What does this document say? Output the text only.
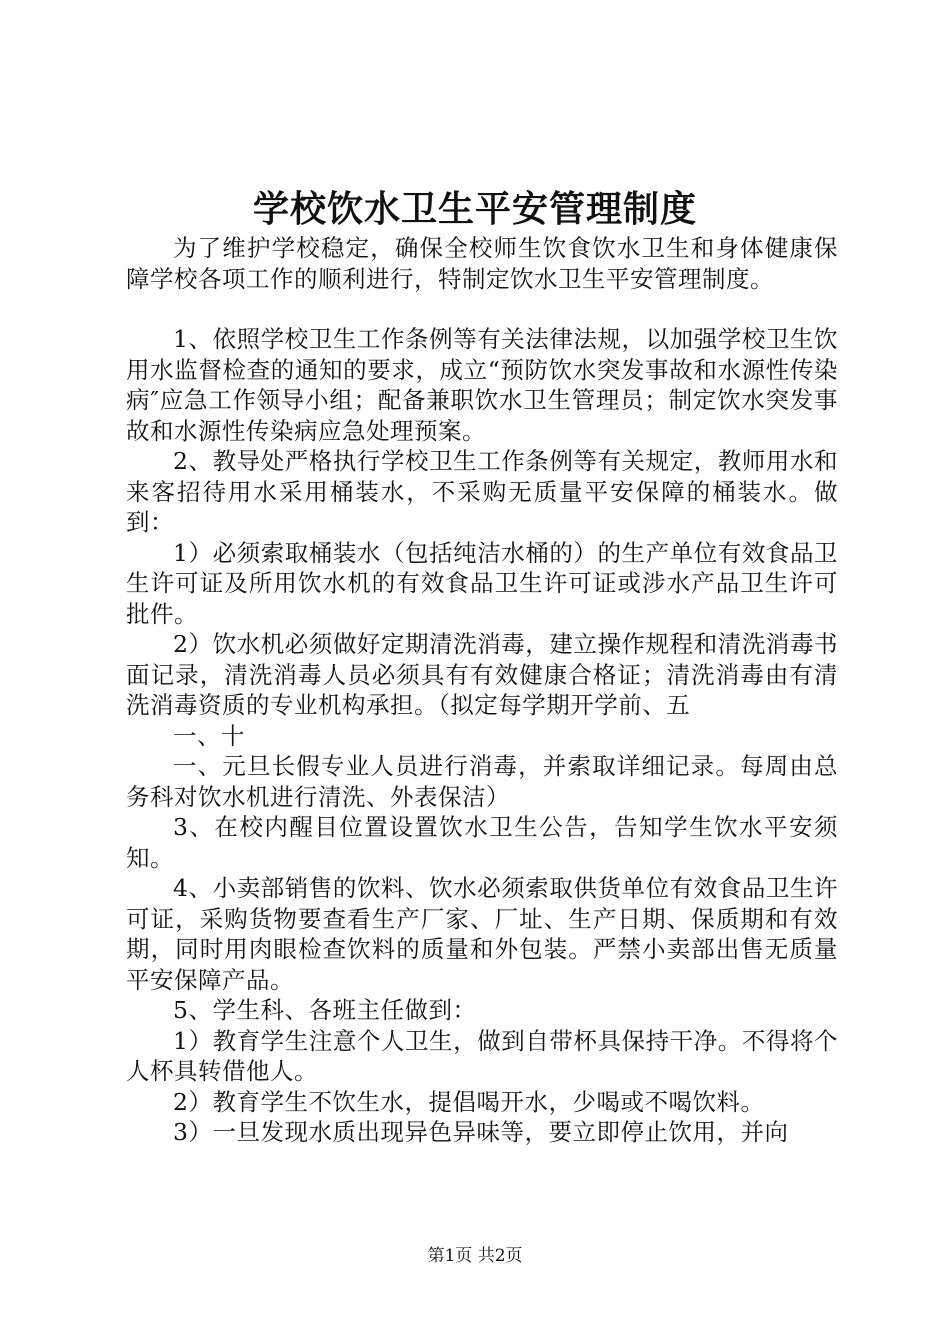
学校饮水卫生平安管理制度

为了维护学校稳定，确保全校师生饮食饮水卫生和身体健康保障学校各项工作的顺利进行，特制定饮水卫生平安管理制度。

1、依照学校卫生工作条例等有关法律法规，以加强学校卫生饮用水监督检查的通知的要求，成立“预防饮水突发事故和水源性传染病″应急工作领导小组；配备兼职饮水卫生管理员；制定饮水突发事故和水源性传染病应急处理预案。

2、教导处严格执行学校卫生工作条例等有关规定，教师用水和来客招待用水采用桶装水，不采购无质量平安保障的桶装水。做到：

1）必须索取桶装水（包括纯洁水桶的）的生产单位有效食品卫生许可证及所用饮水机的有效食品卫生许可证或涉水产品卫生许可批件。

2）饮水机必须做好定期清洗消毒，建立操作规程和清洗消毒书面记录，清洗消毒人员必须具有有效健康合格证；清洗消毒由有清洗消毒资质的专业机构承担。（拟定每学期开学前、五

一、十

一、元旦长假专业人员进行消毒，并索取详细记录。每周由总务科对饮水机进行清洗、外表保洁）

3、在校内醒目位置设置饮水卫生公告，告知学生饮水平安须知。

4、小卖部销售的饮料、饮水必须索取供货单位有效食品卫生许可证，采购货物要查看生产厂家、厂址、生产日期、保质期和有效期，同时用肉眼检查饮料的质量和外包装。严禁小卖部出售无质量平安保障产品。

5、学生科、各班主任做到：

1）教育学生注意个人卫生，做到自带杯具保持干净。不得将个人杯具转借他人。

2）教育学生不饮生水，提倡喝开水，少喝或不喝饮料。

3）一旦发现水质出现异色异味等，要立即停止饮用，并向

第1页 共2页
